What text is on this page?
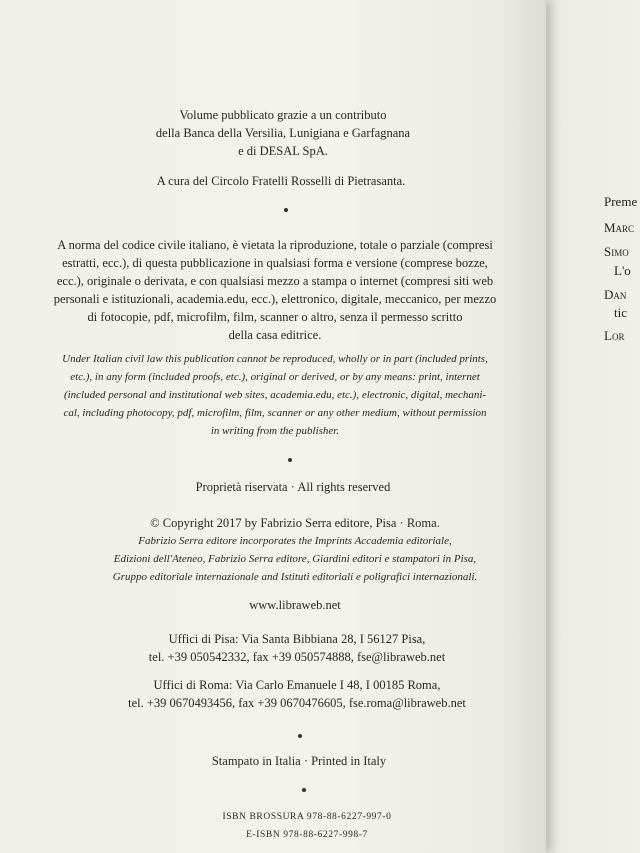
Preme
Marc
Simo
L'o
Dan
tic
Lor

Volume pubblicato grazie a un contributo

della Banca della Versilia, Lunigiana e Garfagnana

e di DESAL SpA.

A cura del Circolo Fratelli Rosselli di Pietrasanta.

A norma del codice civile italiano, è vietata la riproduzione, totale o parziale (compresi

estratti, ecc.), di questa pubblicazione in qualsiasi forma e versione (comprese bozze,

ecc.), originale o derivata, e con qualsiasi mezzo a stampa o internet (compresi siti web

personali e istituzionali, academia.edu, ecc.), elettronico, digitale, meccanico, per mezzo

di fotocopie, pdf, microfilm, film, scanner o altro, senza il permesso scritto

della casa editrice.

Under Italian civil law this publication cannot be reproduced, wholly or in part (included prints,

etc.), in any form (included proofs, etc.), original or derived, or by any means: print, internet

(included personal and institutional web sites, academia.edu, etc.), electronic, digital, mechani-

cal, including photocopy, pdf, microfilm, film, scanner or any other medium, without permission

in writing from the publisher.

Proprietà riservata · All rights reserved

© Copyright 2017 by Fabrizio Serra editore, Pisa · Roma.

Fabrizio Serra editore incorporates the Imprints Accademia editoriale,

Edizioni dell'Ateneo, Fabrizio Serra editore, Giardini editori e stampatori in Pisa,

Gruppo editoriale internazionale and Istituti editoriali e poligrafici internazionali.

www.libraweb.net

Uffici di Pisa: Via Santa Bibbiana 28, I 56127 Pisa,

tel. +39 050542332, fax +39 050574888, fse@libraweb.net

Uffici di Roma: Via Carlo Emanuele I 48, I 00185 Roma,

tel. +39 0670493456, fax +39 0670476605, fse.roma@libraweb.net

Stampato in Italia · Printed in Italy

ISBN BROSSURA 978-88-6227-997-0

E-ISBN 978-88-6227-998-7
